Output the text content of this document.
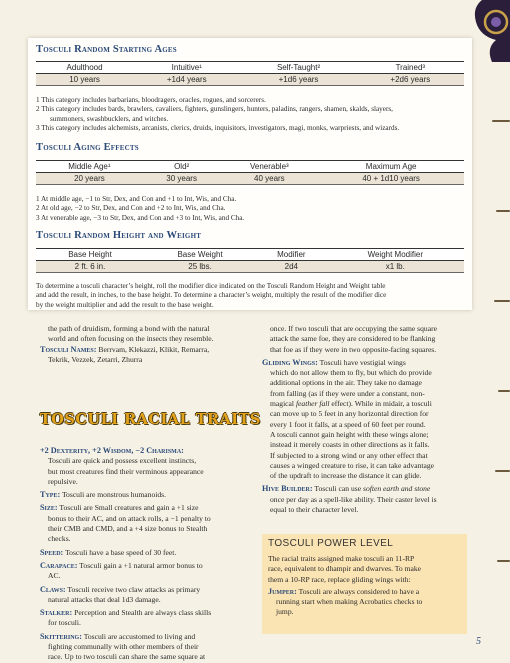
Tosculi Random Starting Ages
Adulthood	Intuitive¹	Self-Taught²	Trained³
10 years	+1d4 years	+1d6 years	+2d6 years

1 This category includes barbarians, bloodragers, oracles, rogues, and sorcerers.

2 This category includes bards, brawlers, cavaliers, fighters, gunslingers, hunters, paladins, rangers, shamen, skalds, slayers,

summoners, swashbucklers, and witches.

3 This category includes alchemists, arcanists, clerics, druids, inquisitors, investigators, magi, monks, warpriests, and wizards.

Tosculi Aging Effects
Middle Age¹	Old²	Venerable³	Maximum Age
20 years	30 years	40 years	40 + 1d10 years

1 At middle age, −1 to Str, Dex, and Con and +1 to Int, Wis, and Cha.

2 At old age, −2 to Str, Dex, and Con and +2 to Int, Wis, and Cha.

3 At venerable age, −3 to Str, Dex, and Con and +3 to Int, Wis, and Cha.

Tosculi Random Height and Weight
Base Height	Base Weight	Modifier	Weight Modifier
2 ft. 6 in.	25 lbs.	2d4	x1 lb.

To determine a tosculi character’s height, roll the modifier dice indicated on the Tosculi Random Height and Weight table

and add the result, in inches, to the base height. To determine a character’s weight, multiply the result of the modifier dice

by the weight multiplier and add the result to the base weight.

the path of druidism, forming a bond with the natural

world and often focusing on the insects they resemble.

Tosculi Names: Berrvam, Klekazzi, Klikit, Remarra,

Tekrik, Vezzek, Zetarri, Zhurra

TOSCULI RACIAL TRAITS

+2 Dexterity, +2 Wisdom, −2 Charisma:

Tosculi are quick and possess excellent instincts,

but most creatures find their verminous appearance

repulsive.

Type: Tosculi are monstrous humanoids.

Size: Tosculi are Small creatures and gain a +1 size

bonus to their AC, and on attack rolls, a −1 penalty to

their CMB and CMD, and a +4 size bonus to Stealth

checks.

Speed: Tosculi have a base speed of 30 feet.

Carapace: Tosculi gain a +1 natural armor bonus to

AC.

Claws: Tosculi receive two claw attacks as primary

natural attacks that deal 1d3 damage.

Stalker: Perception and Stealth are always class skills

for tosculi.

Skittering: Tosculi are accustomed to living and

fighting communally with other members of their

race. Up to two tosculi can share the same square at

once. If two tosculi that are occupying the same square

attack the same foe, they are considered to be flanking

that foe as if they were in two opposite-facing squares.

Gliding Wings: Tosculi have vestigial wings

which do not allow them to fly, but which do provide

additional options in the air. They take no damage

from falling (as if they were under a constant, non-

magical feather fall effect). While in midair, a tosculi

can move up to 5 feet in any horizontal direction for

every 1 foot it falls, at a speed of 60 feet per round.

A tosculi cannot gain height with these wings alone;

instead it merely coasts in other directions as it falls.

If subjected to a strong wind or any other effect that

causes a winged creature to rise, it can take advantage

of the updraft to increase the distance it can glide.

Hive Builder: Tosculi can use soften earth and stone

once per day as a spell-like ability. Their caster level is

equal to their character level.

TOSCULI POWER LEVEL

The racial traits assigned make tosculi an 11-RP

race, equivalent to dhampir and dwarves. To make

them a 10-RP race, replace gliding wings with:

Jumper: Tosculi are always considered to have a

running start when making Acrobatics checks to

jump.

5
